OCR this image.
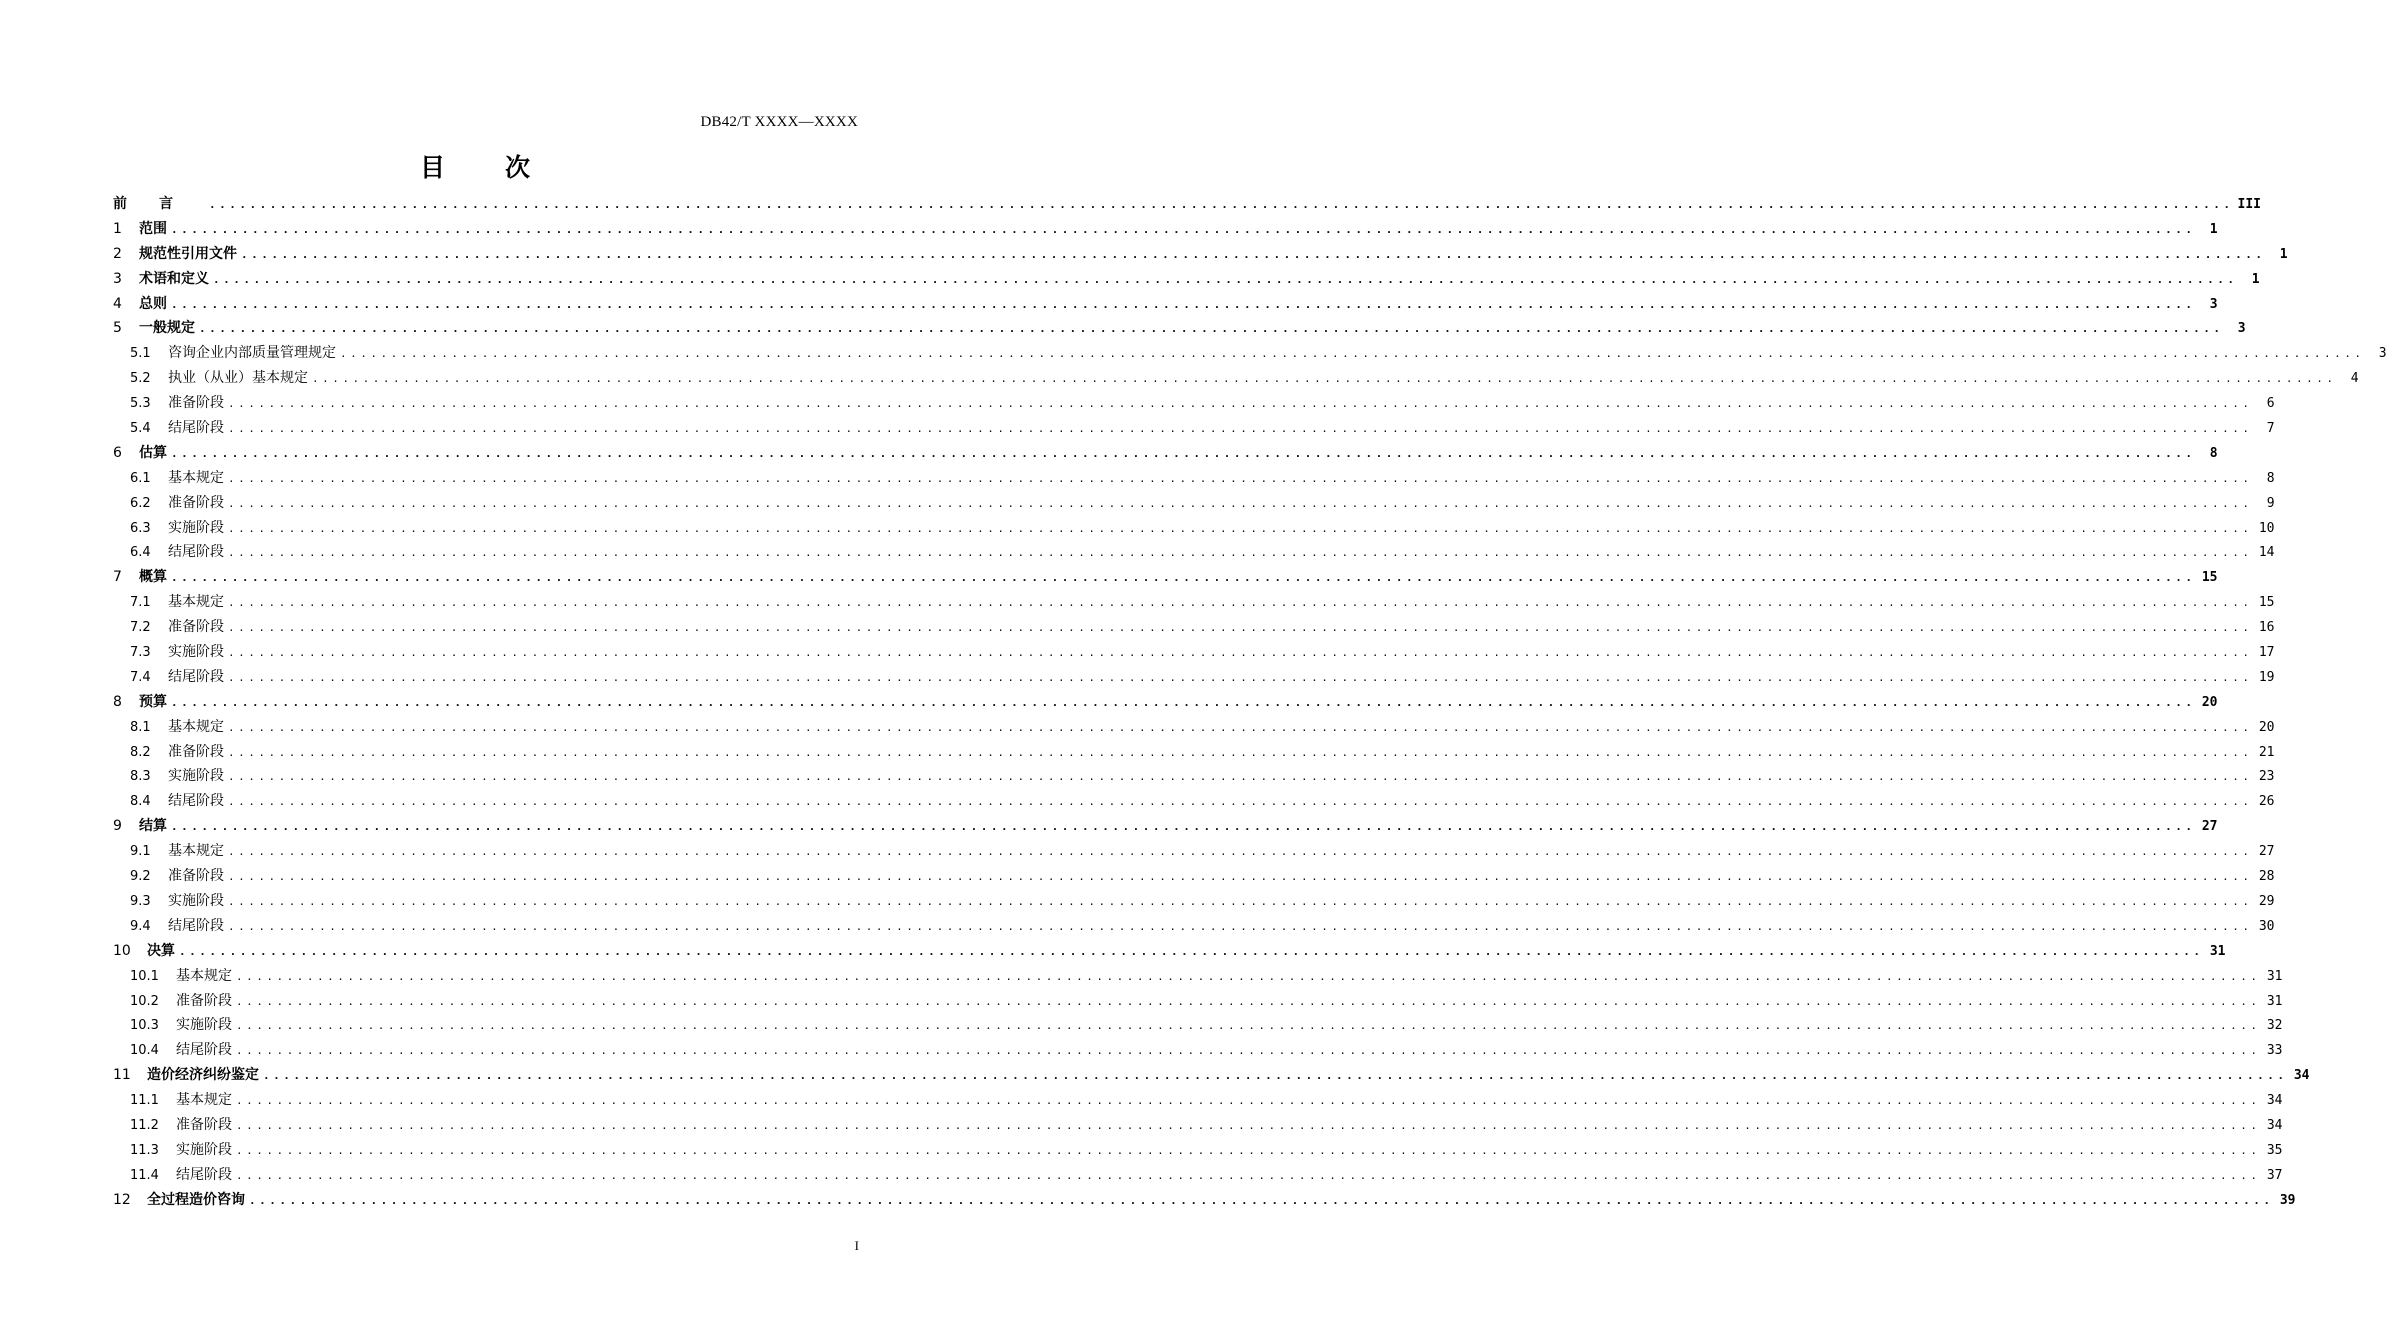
DB42/T XXXX—XXXX
目 次
前言 ........................................................................................................................................................................................................ III
1	范围 ........................................................................................................................................................................................................	1
2	规范性引用文件 ........................................................................................................................................................................................................	1
3	术语和定义 ........................................................................................................................................................................................................	1
4	总则 ........................................................................................................................................................................................................	3
5	一般规定 ........................................................................................................................................................................................................	3
5.1	咨询企业内部质量管理规定 ........................................................................................................................................................................................................	3
5.2	执业（从业）基本规定 ........................................................................................................................................................................................................	4
5.3	准备阶段 ........................................................................................................................................................................................................	6
5.4	结尾阶段 ........................................................................................................................................................................................................	7
6	估算 ........................................................................................................................................................................................................	8
6.1	基本规定 ........................................................................................................................................................................................................	8
6.2	准备阶段 ........................................................................................................................................................................................................	9
6.3	实施阶段 ........................................................................................................................................................................................................ 10
6.4	结尾阶段 ........................................................................................................................................................................................................ 14
7	概算 ........................................................................................................................................................................................................ 15
7.1	基本规定 ........................................................................................................................................................................................................ 15
7.2	准备阶段 ........................................................................................................................................................................................................ 16
7.3	实施阶段 ........................................................................................................................................................................................................ 17
7.4	结尾阶段 ........................................................................................................................................................................................................ 19
8	预算 ........................................................................................................................................................................................................ 20
8.1	基本规定 ........................................................................................................................................................................................................ 20
8.2	准备阶段 ........................................................................................................................................................................................................ 21
8.3	实施阶段 ........................................................................................................................................................................................................ 23
8.4	结尾阶段 ........................................................................................................................................................................................................ 26
9	结算 ........................................................................................................................................................................................................ 27
9.1	基本规定 ........................................................................................................................................................................................................ 27
9.2	准备阶段 ........................................................................................................................................................................................................ 28
9.3	实施阶段 ........................................................................................................................................................................................................ 29
9.4	结尾阶段 ........................................................................................................................................................................................................ 30
10	决算 ........................................................................................................................................................................................................ 31
10.1	基本规定 ........................................................................................................................................................................................................ 31
10.2	准备阶段 ........................................................................................................................................................................................................ 31
10.3	实施阶段 ........................................................................................................................................................................................................ 32
10.4	结尾阶段 ........................................................................................................................................................................................................ 33
11	造价经济纠纷鉴定 ........................................................................................................................................................................................................ 34
11.1	基本规定 ........................................................................................................................................................................................................ 34
11.2	准备阶段 ........................................................................................................................................................................................................ 34
11.3	实施阶段 ........................................................................................................................................................................................................ 35
11.4	结尾阶段 ........................................................................................................................................................................................................ 37
12	全过程造价咨询 ........................................................................................................................................................................................................ 39
I
